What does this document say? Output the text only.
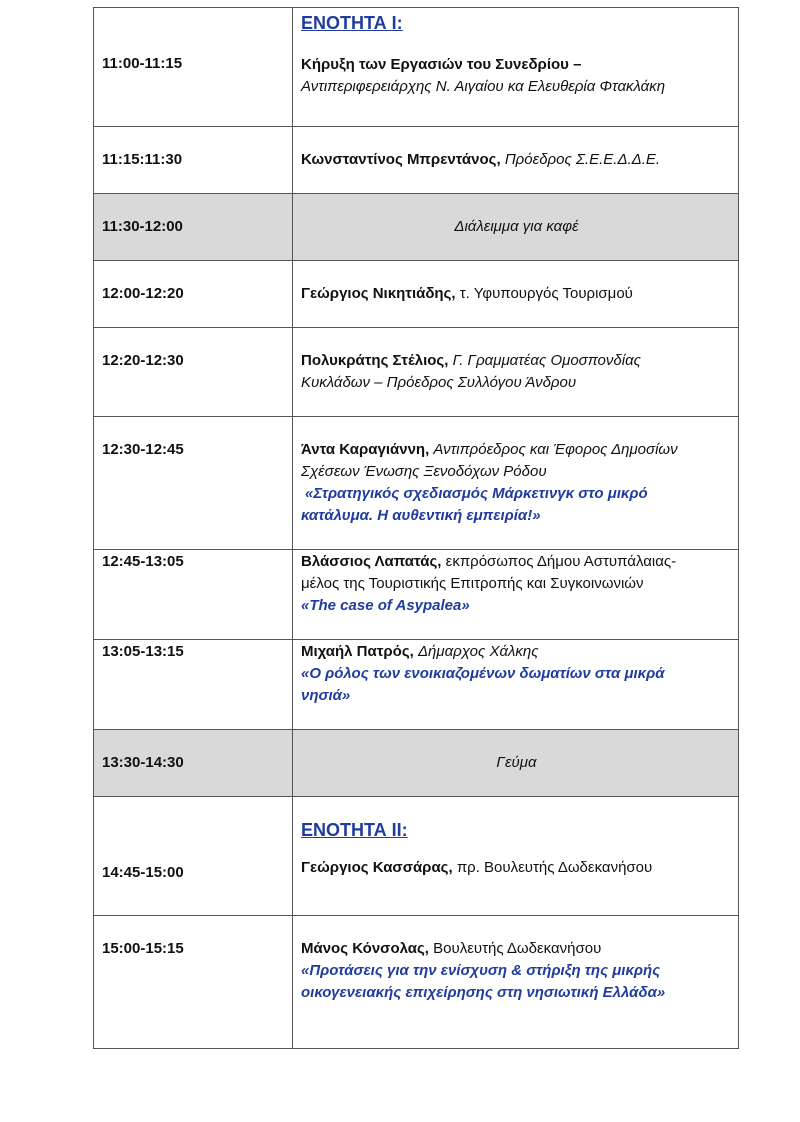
11:00-11:15	ΕΝΟΤΗΤΑ Ι:
Κήρυξη των Εργασιών του Συνεδρίου –
Αντιπεριφερειάρχης Ν. Αιγαίου κα Ελευθερία Φτακλάκη

11:15:11:30	Κωνσταντίνος Μπρεντάνος, Πρόεδρος Σ.Ε.Ε.Δ.Δ.Ε.

11:30-12:00	Διάλειμμα για καφέ

12:00-12:20	Γεώργιος Νικητιάδης, τ. Υφυπουργός Τουρισμού

12:20-12:30	Πολυκράτης Στέλιος, Γ. Γραμματέας Ομοσπονδίας
Κυκλάδων – Πρόεδρος Συλλόγου Άνδρου

12:30-12:45	Άντα Καραγιάννη, Αντιπρόεδρος και Έφορος Δημοσίων
Σχέσεων Ένωσης Ξενοδόχων Ρόδου
«Στρατηγικός σχεδιασμός Μάρκετινγκ στο μικρό
κατάλυμα. Η αυθεντική εμπειρία!»

12:45-13:05	Βλάσσιος Λαπατάς, εκπρόσωπος Δήμου Αστυπάλαιας-
μέλος της Τουριστικής Επιτροπής και Συγκοινωνιών
«The case of Asypalea»

13:05-13:15	Μιχαήλ Πατρός, Δήμαρχος Χάλκης
«Ο ρόλος των ενοικιαζομένων δωματίων στα μικρά
νησιά»

13:30-14:30	Γεύμα

14:45-15:00	ΕΝΟΤΗΤΑ ΙΙ:
Γεώργιος Κασσάρας, πρ. Βουλευτής Δωδεκανήσου

15:00-15:15	Μάνος Κόνσολας, Βουλευτής Δωδεκανήσου
«Προτάσεις για την ενίσχυση & στήριξη της μικρής
οικογενειακής επιχείρησης στη νησιωτική Ελλάδα»
